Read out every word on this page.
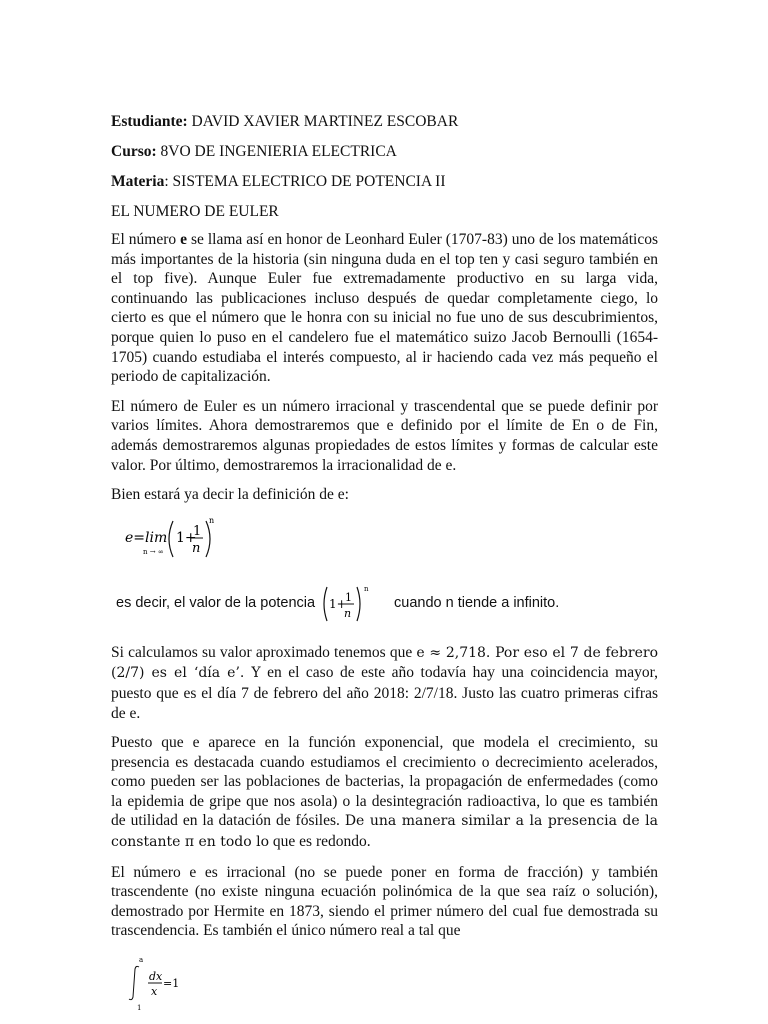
Estudiante: DAVID XAVIER MARTINEZ ESCOBAR
Curso: 8VO DE INGENIERIA ELECTRICA
Materia: SISTEMA ELECTRICO DE POTENCIA II
EL NUMERO DE EULER

El número e se llama así en honor de Leonhard Euler (1707-83) uno de los matemáticos más importantes de la historia (sin ninguna duda en el top ten y casi seguro también en el top five). Aunque Euler fue extremadamente productivo en su larga vida, continuando las publicaciones incluso después de quedar completamente ciego, lo cierto es que el número que le honra con su inicial no fue uno de sus descubrimientos, porque quien lo puso en el candelero fue el matemático suizo Jacob Bernoulli (1654-1705) cuando estudiaba el interés compuesto, al ir haciendo cada vez más pequeño el periodo de capitalización.

El número de Euler es un número irracional y trascendental que se puede definir por varios límites. Ahora demostraremos que e definido por el límite de En o de Fin, además demostraremos algunas propiedades de estos límites y formas de calcular este valor. Por último, demostraremos la irracionalidad de e.

Bien estará ya decir la definición de e:

e=lim
n → ∞
1+
1
n
n
es decir, el valor de la potencia 1+
1
n
n
cuando n tiende a infinito.

Si calculamos su valor aproximado tenemos que e ≈ 2,718. Por eso el 7 de febrero (2/7) es el ‘día e’. Y en el caso de este año todavía hay una coincidencia mayor, puesto que es el día 7 de febrero del año 2018: 2/7/18. Justo las cuatro primeras cifras de e.

Puesto que e aparece en la función exponencial, que modela el crecimiento, su presencia es destacada cuando estudiamos el crecimiento o decrecimiento acelerados, como pueden ser las poblaciones de bacterias, la propagación de enfermedades (como la epidemia de gripe que nos asola) o la desintegración radioactiva, lo que es también de utilidad en la datación de fósiles. De una manera similar a la presencia de la constante π en todo lo que es redondo.

El número e es irracional (no se puede poner en forma de fracción) y también trascendente (no existe ninguna ecuación polinómica de la que sea raíz o solución), demostrado por Hermite en 1873, siendo el primer número del cual fue demostrada su trascendencia. Es también el único número real a tal que

a
1
dx
x
=1
